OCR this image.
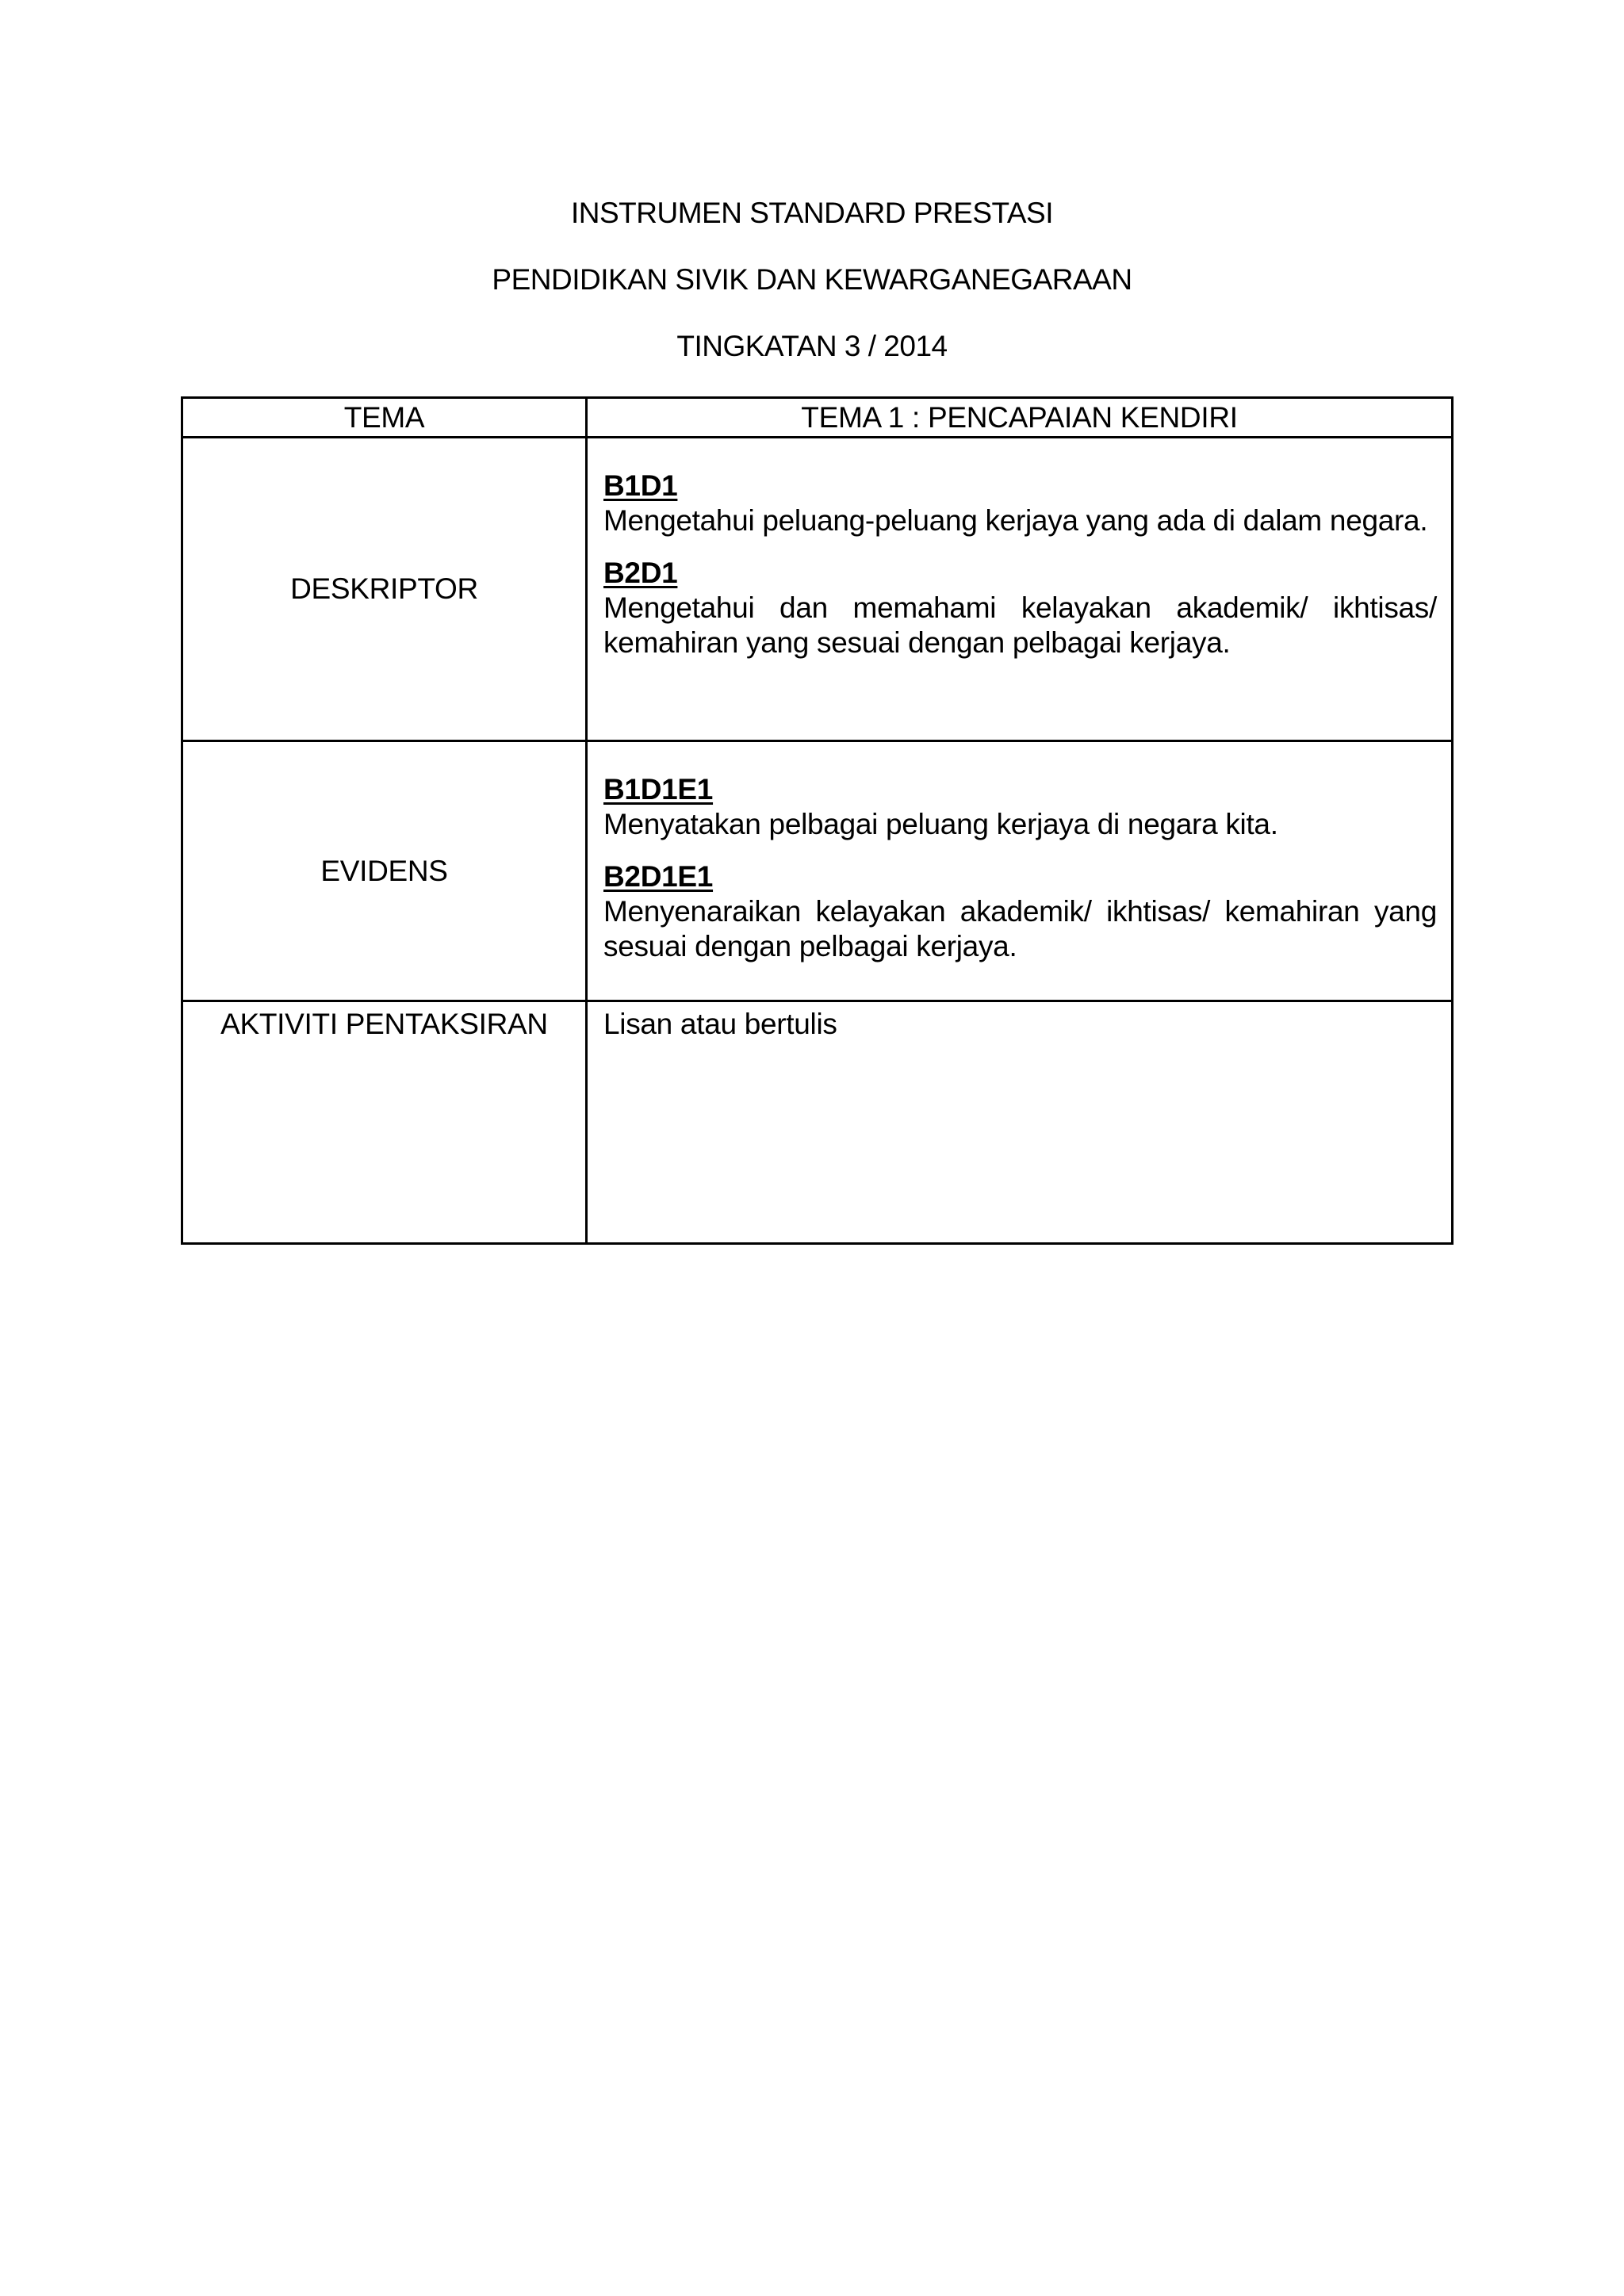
INSTRUMEN STANDARD PRESTASI
PENDIDIKAN SIVIK DAN KEWARGANEGARAAN
TINGKATAN 3 / 2014
TEMA	TEMA 1 : PENCAPAIAN KENDIRI
DESKRIPTOR	B1D1
Mengetahui peluang-peluang kerjaya yang ada di dalam negara.
B2D1
Mengetahui dan memahami kelayakan akademik/ ikhtisas/ kemahiran yang sesuai dengan pelbagai kerjaya.

EVIDENS	B1D1E1
Menyatakan pelbagai peluang kerjaya di negara kita.
B2D1E1
Menyenaraikan kelayakan akademik/ ikhtisas/ kemahiran yang sesuai dengan pelbagai kerjaya.

AKTIVITI PENTAKSIRAN	Lisan atau bertulis
